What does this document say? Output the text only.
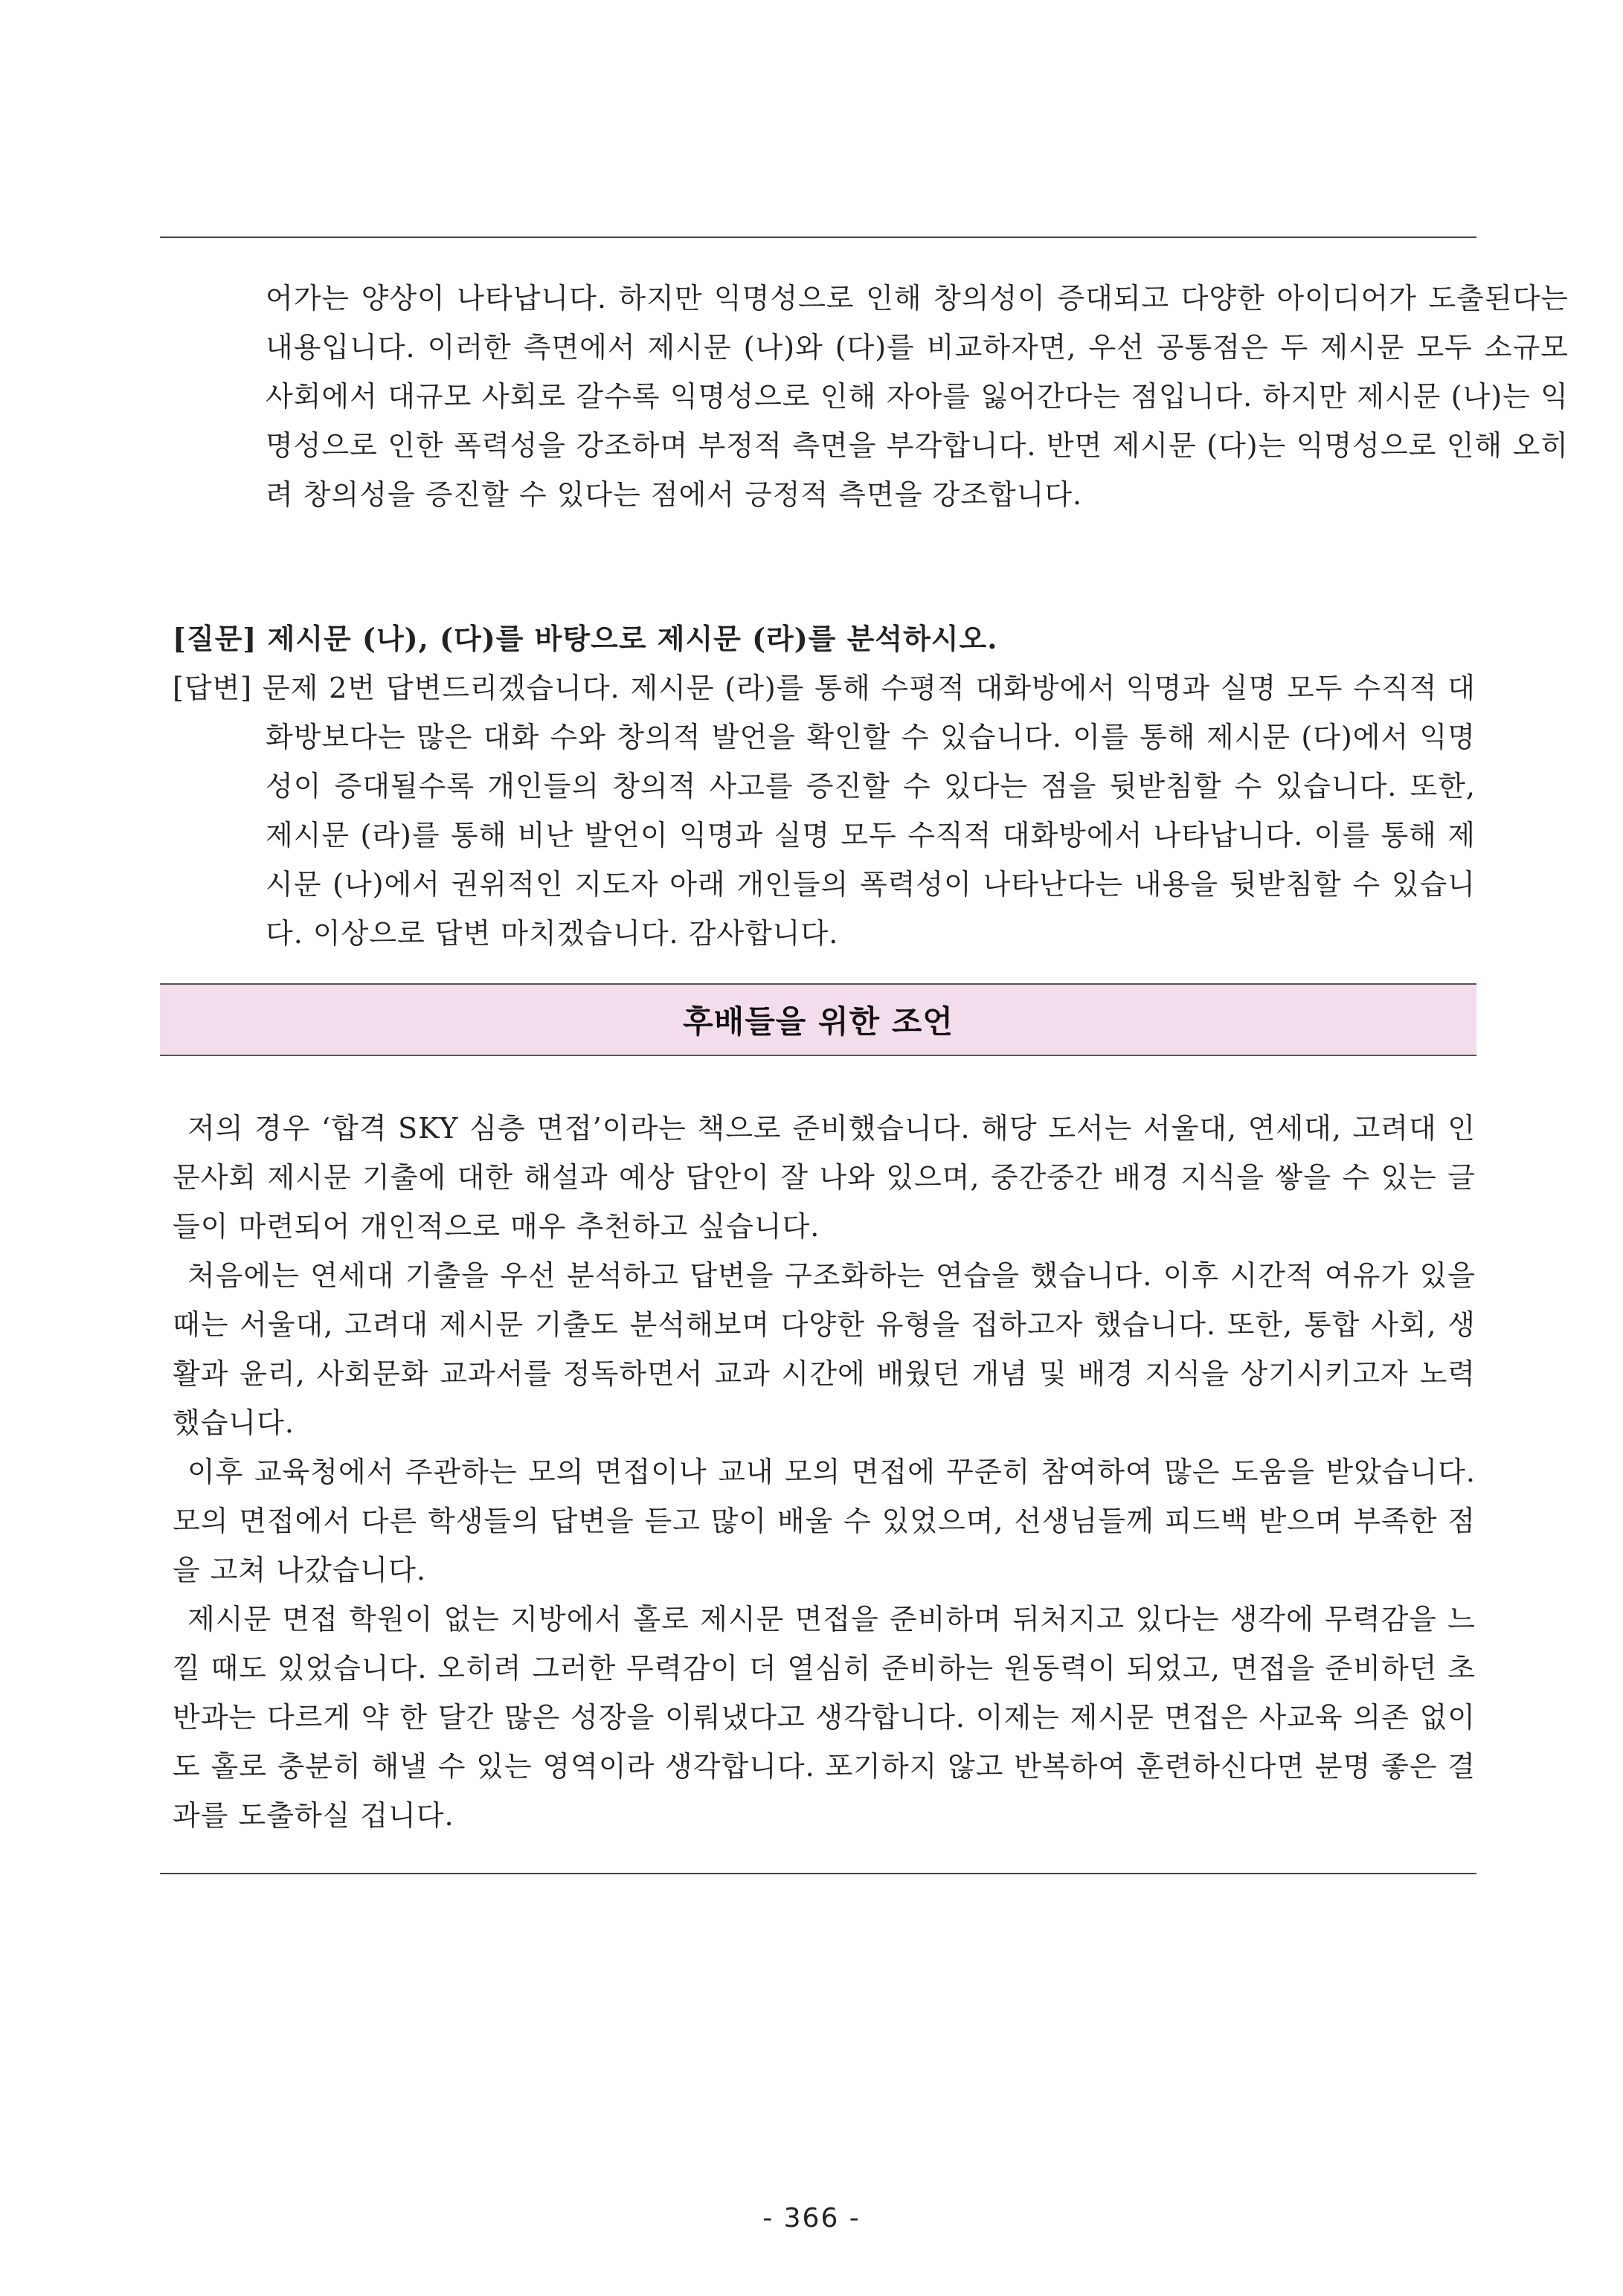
어가는 양상이 나타납니다. 하지만 익명성으로 인해 창의성이 증대되고 다양한 아이디어가 도출된다는 내용입니다. 이러한 측면에서 제시문 (나)와 (다)를 비교하자면, 우선 공통점은 두 제시문 모두 소규모 사회에서 대규모 사회로 갈수록 익명성으로 인해 자아를 잃어간다는 점입니다. 하지만 제시문 (나)는 익명성으로 인한 폭력성을 강조하며 부정적 측면을 부각합니다. 반면 제시문 (다)는 익명성으로 인해 오히려 창의성을 증진할 수 있다는 점에서 긍정적 측면을 강조합니다.

[질문] 제시문 (나), (다)를 바탕으로 제시문 (라)를 분석하시오.
[답변] 문제 2번 답변드리겠습니다. 제시문 (라)를 통해 수평적 대화방에서 익명과 실명 모두 수직적 대화방보다는 많은 대화 수와 창의적 발언을 확인할 수 있습니다. 이를 통해 제시문 (다)에서 익명성이 증대될수록 개인들의 창의적 사고를 증진할 수 있다는 점을 뒷받침할 수 있습니다. 또한, 제시문 (라)를 통해 비난 발언이 익명과 실명 모두 수직적 대화방에서 나타납니다. 이를 통해 제시문 (나)에서 권위적인 지도자 아래 개인들의 폭력성이 나타난다는 내용을 뒷받침할 수 있습니다. 이상으로 답변 마치겠습니다. 감사합니다.
후배들을 위한 조언

저의 경우 ‘합격 SKY 심층 면접’이라는 책으로 준비했습니다. 해당 도서는 서울대, 연세대, 고려대 인문사회 제시문 기출에 대한 해설과 예상 답안이 잘 나와 있으며, 중간중간 배경 지식을 쌓을 수 있는 글들이 마련되어 개인적으로 매우 추천하고 싶습니다.

처음에는 연세대 기출을 우선 분석하고 답변을 구조화하는 연습을 했습니다. 이후 시간적 여유가 있을 때는 서울대, 고려대 제시문 기출도 분석해보며 다양한 유형을 접하고자 했습니다. 또한, 통합 사회, 생활과 윤리, 사회문화 교과서를 정독하면서 교과 시간에 배웠던 개념 및 배경 지식을 상기시키고자 노력했습니다.

이후 교육청에서 주관하는 모의 면접이나 교내 모의 면접에 꾸준히 참여하여 많은 도움을 받았습니다. 모의 면접에서 다른 학생들의 답변을 듣고 많이 배울 수 있었으며, 선생님들께 피드백 받으며 부족한 점을 고쳐 나갔습니다.

제시문 면접 학원이 없는 지방에서 홀로 제시문 면접을 준비하며 뒤처지고 있다는 생각에 무력감을 느낄 때도 있었습니다. 오히려 그러한 무력감이 더 열심히 준비하는 원동력이 되었고, 면접을 준비하던 초반과는 다르게 약 한 달간 많은 성장을 이뤄냈다고 생각합니다. 이제는 제시문 면접은 사교육 의존 없이도 홀로 충분히 해낼 수 있는 영역이라 생각합니다. 포기하지 않고 반복하여 훈련하신다면 분명 좋은 결과를 도출하실 겁니다.

- 366 -
